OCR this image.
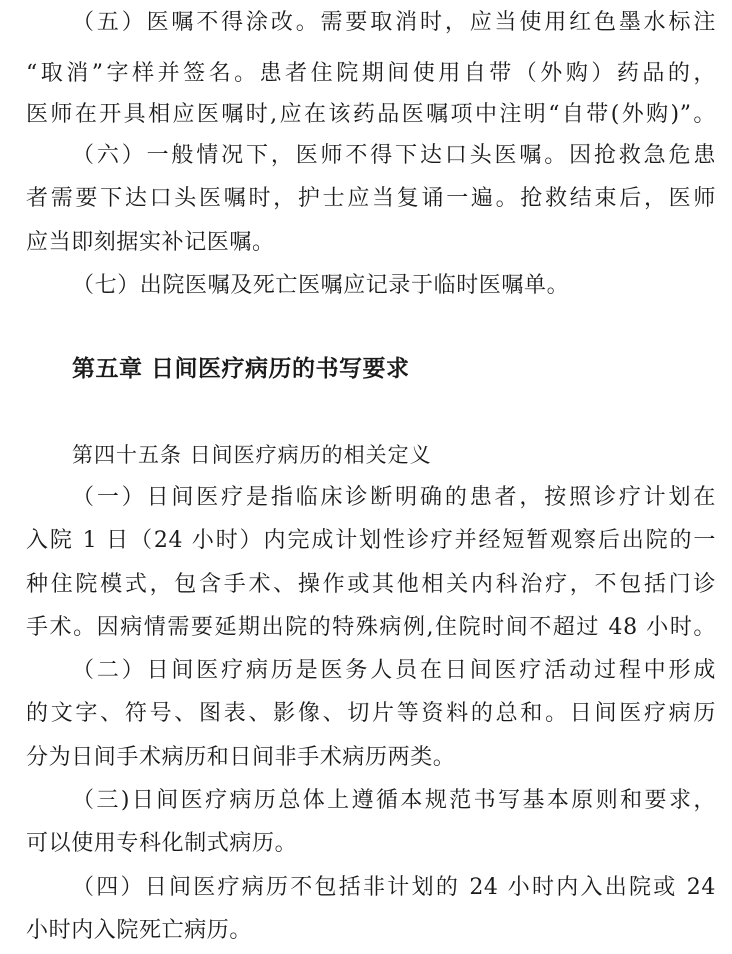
（五）医嘱不得涂改。需要取消时，应当使用红色墨水标注
“取消”字样并签名。患者住院期间使用自带（外购）药品的，
医师在开具相应医嘱时,应在该药品医嘱项中注明“自带(外购)”。
（六）一般情况下，医师不得下达口头医嘱。因抢救急危患
者需要下达口头医嘱时，护士应当复诵一遍。抢救结束后，医师
应当即刻据实补记医嘱。
（七）出院医嘱及死亡医嘱应记录于临时医嘱单。
第五章 日间医疗病历的书写要求
第四十五条 日间医疗病历的相关定义
（一）日间医疗是指临床诊断明确的患者，按照诊疗计划在
入院 1 日（24 小时）内完成计划性诊疗并经短暂观察后出院的一
种住院模式，包含手术、操作或其他相关内科治疗，不包括门诊
手术。因病情需要延期出院的特殊病例,住院时间不超过 48 小时。
（二）日间医疗病历是医务人员在日间医疗活动过程中形成
的文字、符号、图表、影像、切片等资料的总和。日间医疗病历
分为日间手术病历和日间非手术病历两类。
（三)日间医疗病历总体上遵循本规范书写基本原则和要求，
可以使用专科化制式病历。
（四）日间医疗病历不包括非计划的 24 小时内入出院或 24
小时内入院死亡病历。
